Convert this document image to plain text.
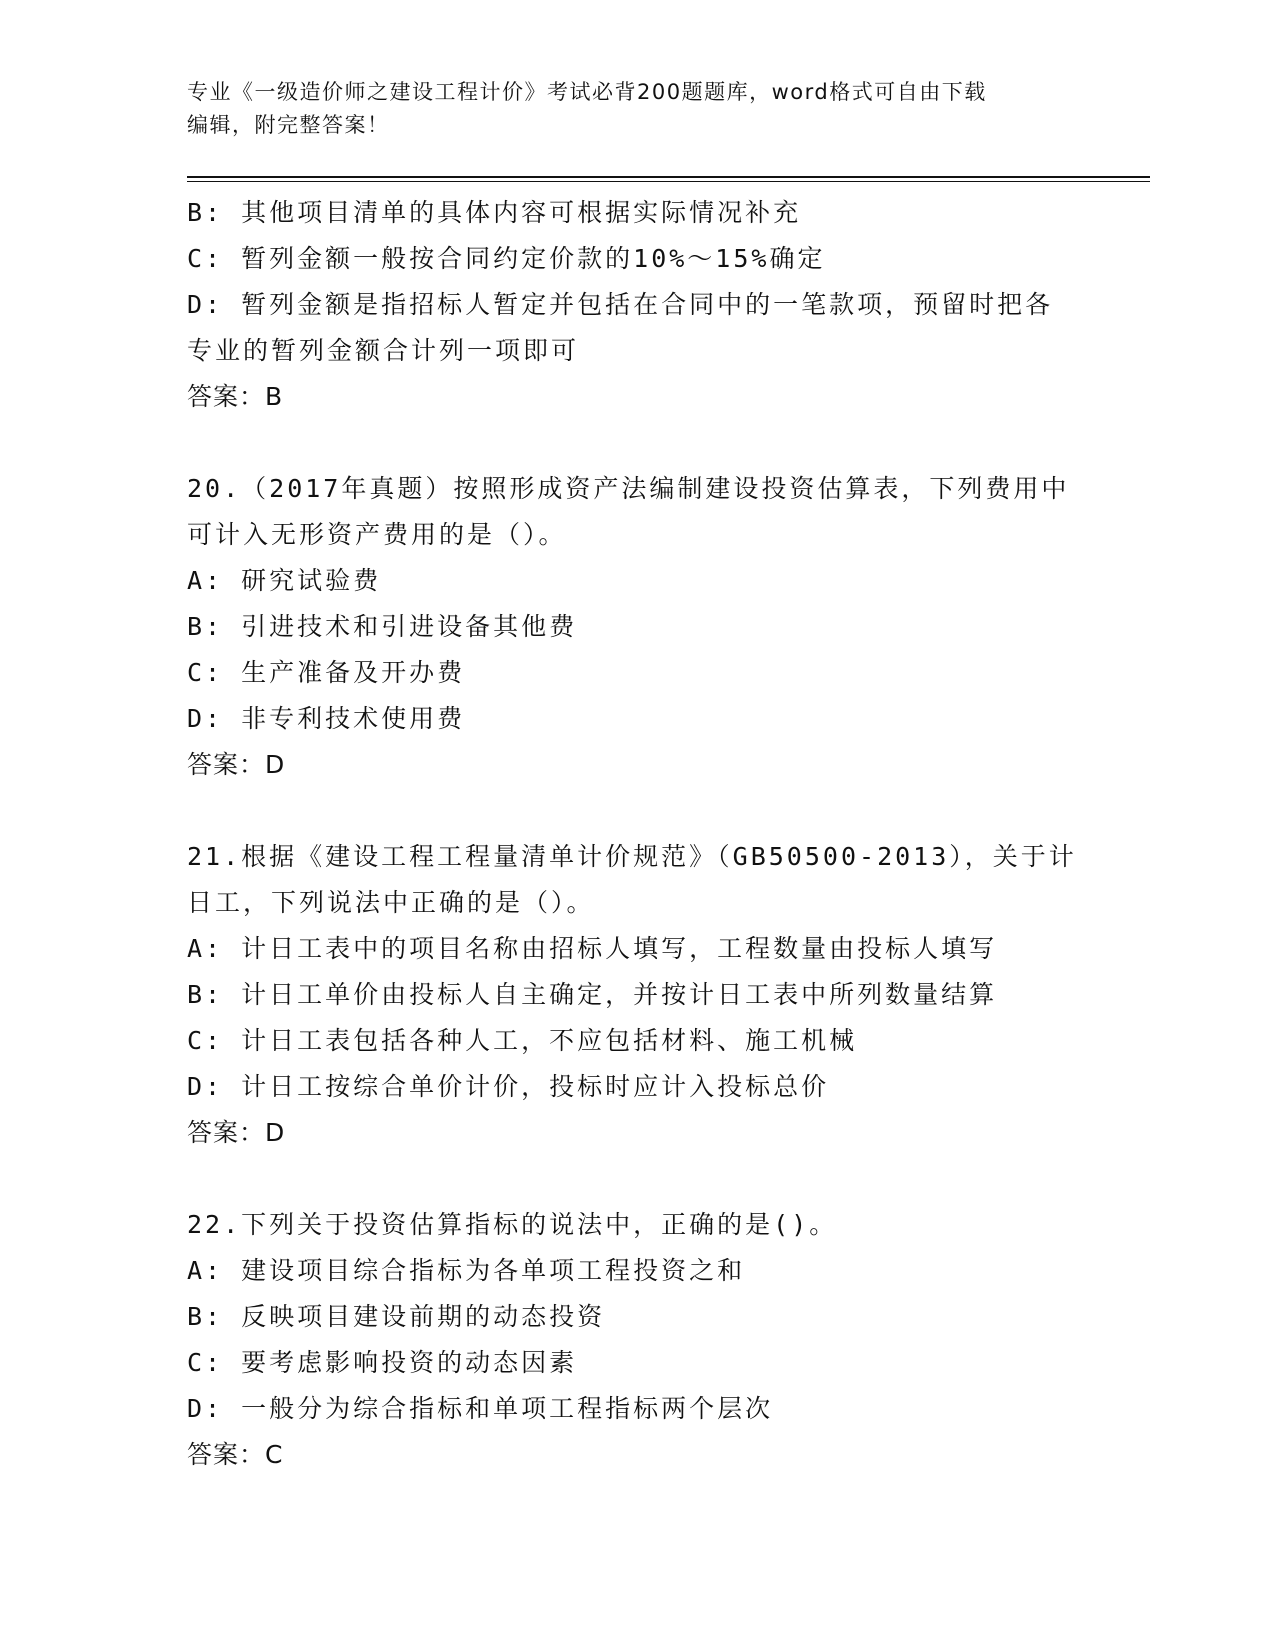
专业《一级造价师之建设工程计价》考试必背200题题库，word格式可自由下载
编辑，附完整答案！
B: 其他项目清单的具体内容可根据实际情况补充
C: 暂列金额一般按合同约定价款的10%～15%确定
D: 暂列金额是指招标人暂定并包括在合同中的一笔款项，预留时把各
专业的暂列金额合计列一项即可
答案：B
20.（2017年真题）按照形成资产法编制建设投资估算表，下列费用中
可计入无形资产费用的是（）。
A: 研究试验费
B: 引进技术和引进设备其他费
C: 生产准备及开办费
D: 非专利技术使用费
答案：D
21.根据《建设工程工程量清单计价规范》（GB50500-2013），关于计
日工，下列说法中正确的是（）。
A: 计日工表中的项目名称由招标人填写，工程数量由投标人填写
B: 计日工单价由投标人自主确定，并按计日工表中所列数量结算
C: 计日工表包括各种人工，不应包括材料、施工机械
D: 计日工按综合单价计价，投标时应计入投标总价
答案：D
22.下列关于投资估算指标的说法中，正确的是()。
A: 建设项目综合指标为各单项工程投资之和
B: 反映项目建设前期的动态投资
C: 要考虑影响投资的动态因素
D: 一般分为综合指标和单项工程指标两个层次
答案：C
